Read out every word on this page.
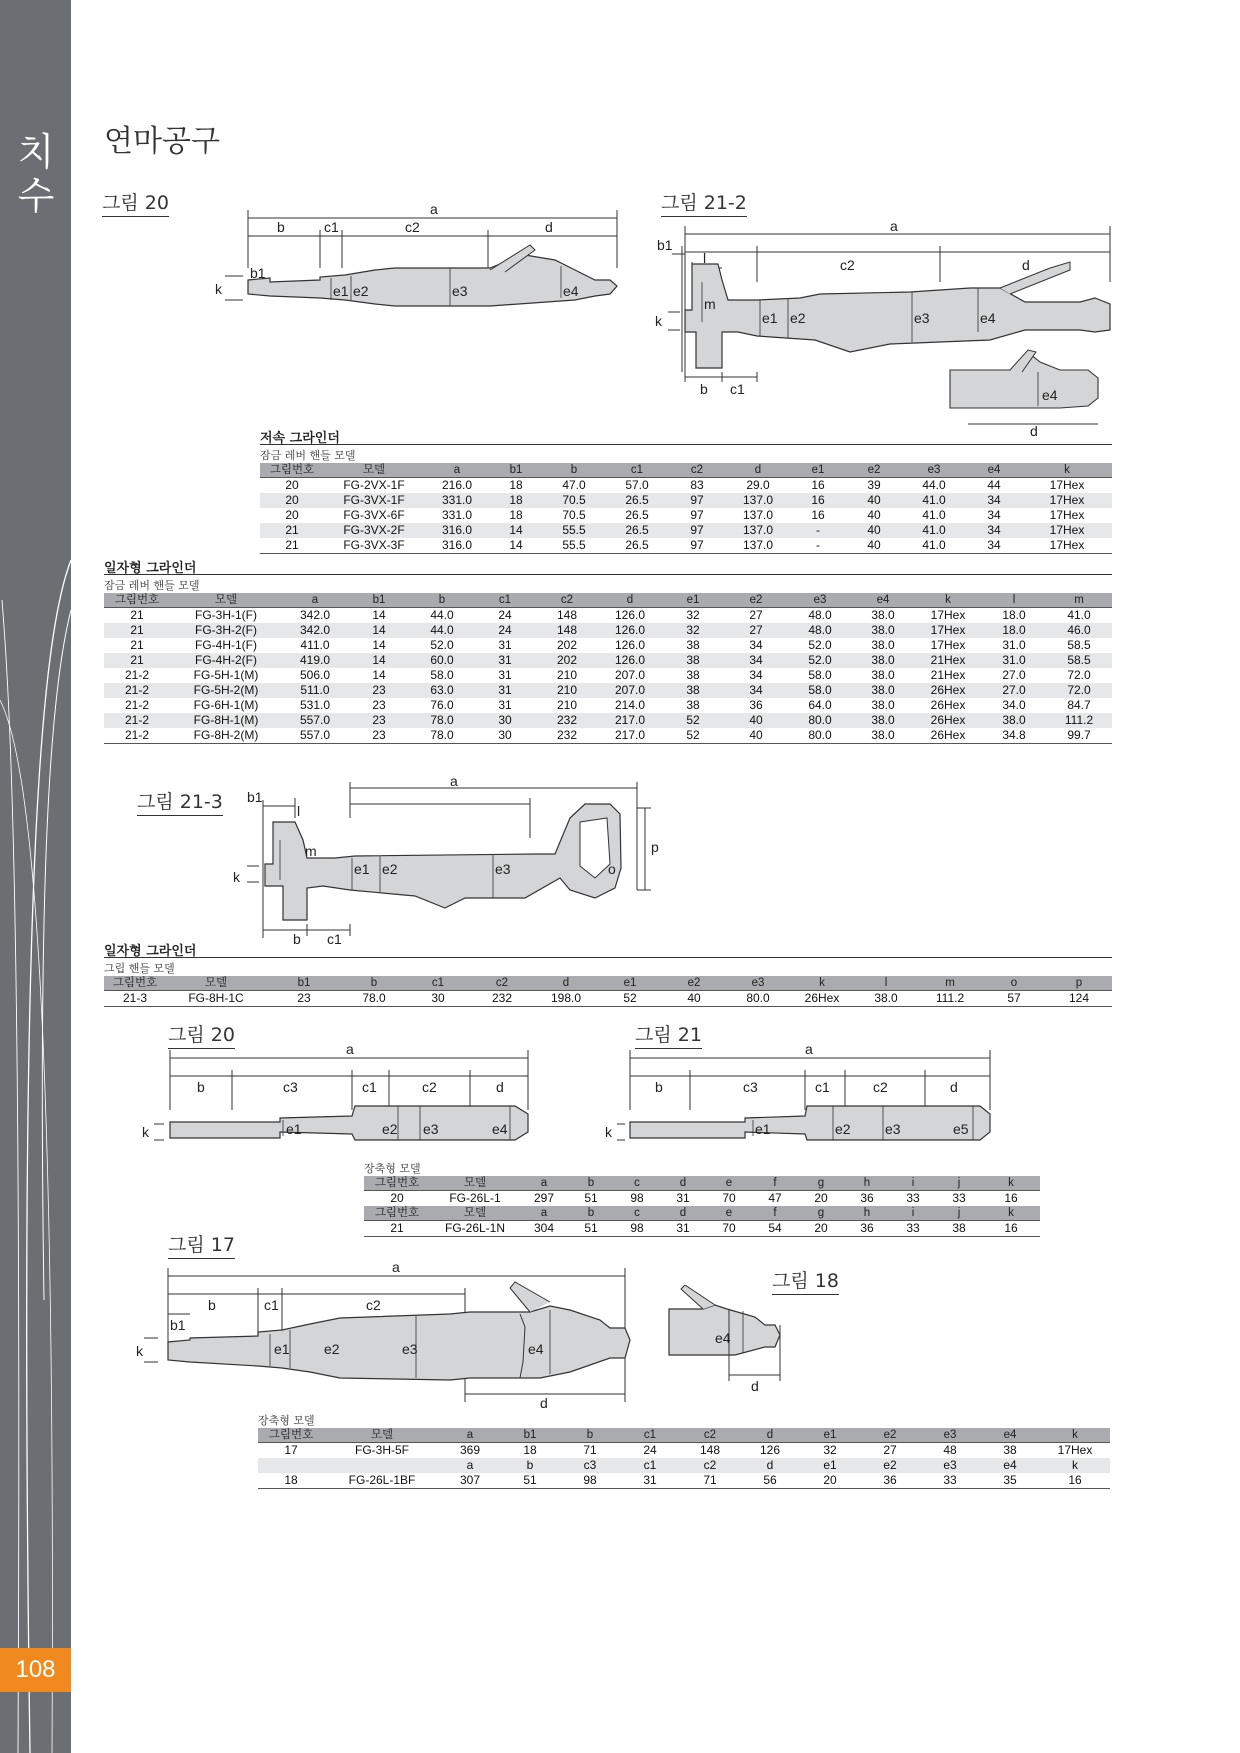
치수
108
연마공구
그림 20	그림 21-2
그림 21-3
그림 20	그림 21
그림 17
그림 18
a
b	c1	c2	d
b1
k	e1 e2	e3	e4
a
b1
l	c2	d
m
k	e1 e2	e3	e4
b c1	e4
d
a
b1
l
m
k	e1 e2	e3	o
p
b c1
a
b	c3	c1	c2	d
k	e1	e2 e3	e4
a
b	c3	c1	c2	d
k	e1	e2 e3	e5
a
b	c1	c2
b1
k	e1 e2	e3	e4
d
e4
d
저속 그라인더
잠금 레버 핸들 모델
그림번호	모델	a	b1	b	c1	c2	d	e1	e2	e3	e4	k
20	FG-2VX-1F	216.0	18	47.0	57.0	83	29.0	16	39	44.0	44	17Hex
20	FG-3VX-1F	331.0	18	70.5	26.5	97	137.0	16	40	41.0	34	17Hex
20	FG-3VX-6F	331.0	18	70.5	26.5	97	137.0	16	40	41.0	34	17Hex
21	FG-3VX-2F	316.0	14	55.5	26.5	97	137.0	-	40	41.0	34	17Hex
21	FG-3VX-3F	316.0	14	55.5	26.5	97	137.0	-	40	41.0	34	17Hex
일자형 그라인더
잠금 레버 핸들 모델
그림번호	모델	a	b1	b	c1	c2	d	e1	e2	e3	e4	k	l	m
21	FG-3H-1(F)	342.0	14	44.0	24	148	126.0	32	27	48.0	38.0	17Hex	18.0	41.0
21	FG-3H-2(F)	342.0	14	44.0	24	148	126.0	32	27	48.0	38.0	17Hex	18.0	46.0
21	FG-4H-1(F)	411.0	14	52.0	31	202	126.0	38	34	52.0	38.0	17Hex	31.0	58.5
21	FG-4H-2(F)	419.0	14	60.0	31	202	126.0	38	34	52.0	38.0	21Hex	31.0	58.5
21-2	FG-5H-1(M)	506.0	14	58.0	31	210	207.0	38	34	58.0	38.0	21Hex	27.0	72.0
21-2	FG-5H-2(M)	511.0	23	63.0	31	210	207.0	38	34	58.0	38.0	26Hex	27.0	72.0
21-2	FG-6H-1(M)	531.0	23	76.0	31	210	214.0	38	36	64.0	38.0	26Hex	34.0	84.7
21-2	FG-8H-1(M)	557.0	23	78.0	30	232	217.0	52	40	80.0	38.0	26Hex	38.0	111.2
21-2	FG-8H-2(M)	557.0	23	78.0	30	232	217.0	52	40	80.0	38.0	26Hex	34.8	99.7
일자형 그라인더
그립 핸들 모델
그림번호	모델	b1	b	c1	c2	d	e1	e2	e3	k	l	m	o	p
21-3	FG-8H-1C	23	78.0	30	232	198.0	52	40	80.0	26Hex	38.0	111.2	57	124
장축형 모델
그림번호	모델	a	b	c	d	e	f	g	h	i	j	k
20	FG-26L-1	297	51	98	31	70	47	20	36	33	33	16
그림번호	모델	a	b	c	d	e	f	g	h	i	j	k
21	FG-26L-1N	304	51	98	31	70	54	20	36	33	38	16
장축형 모델
그림번호	모델	a	b1	b	c1	c2	d	e1	e2	e3	e4	k
17	FG-3H-5F	369	18	71	24	148	126	32	27	48	38	17Hex
		a	b	c3	c1	c2	d	e1	e2	e3	e4	k
18	FG-26L-1BF	307	51	98	31	71	56	20	36	33	35	16
